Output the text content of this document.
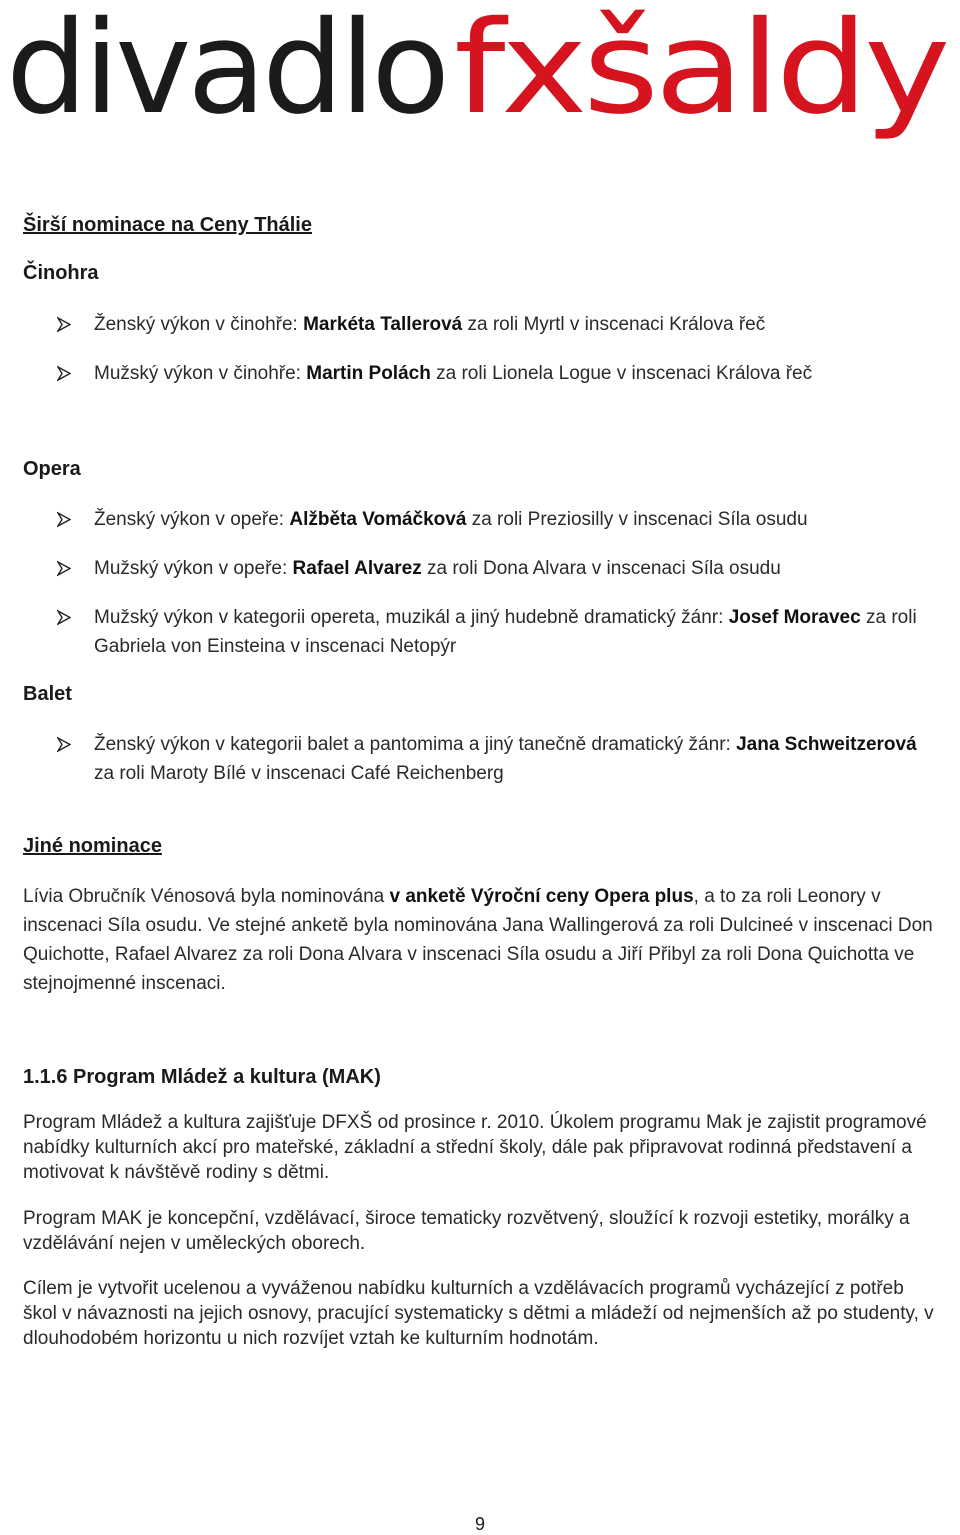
divadlo fxšaldy
Širší nominace na Ceny Thálie
Činohra
Ženský výkon v činohře: Markéta Tallerová za roli Myrtl v inscenaci Králova řeč
Mužský výkon v činohře: Martin Polách za roli Lionela Logue v inscenaci Králova řeč
Opera
Ženský výkon v opeře: Alžběta Vomáčková za roli Preziosilly v inscenaci Síla osudu
Mužský výkon v opeře: Rafael Alvarez za roli Dona Alvara v inscenaci Síla osudu
Mužský výkon v kategorii opereta, muzikál a jiný hudebně dramatický žánr: Josef Moravec za roli Gabriela von Einsteina v inscenaci Netopýr
Balet
Ženský výkon v kategorii balet a pantomima a jiný tanečně dramatický žánr: Jana Schweitzerová za roli Maroty Bílé v inscenaci Café Reichenberg
Jiné nominace
Lívia Obručník Vénosová byla nominována v anketě Výroční ceny Opera plus, a to za roli Leonory v inscenaci Síla osudu. Ve stejné anketě byla nominována Jana Wallingerová za roli Dulcineé v inscenaci Don Quichotte, Rafael Alvarez za roli Dona Alvara v inscenaci Síla osudu a Jiří Přibyl za roli Dona Quichotta ve stejnojmenné inscenaci.
1.1.6 Program Mládež a kultura (MAK)
Program Mládež a kultura zajišťuje DFXŠ od prosince r. 2010. Úkolem programu Mak je zajistit programové nabídky kulturních akcí pro mateřské, základní a střední školy, dále pak připravovat rodinná představení a motivovat k návštěvě rodiny s dětmi.
Program MAK je koncepční, vzdělávací, široce tematicky rozvětvený, sloužící k rozvoji estetiky, morálky a vzdělávání nejen v uměleckých oborech.
Cílem je vytvořit ucelenou a vyváženou nabídku kulturních a vzdělávacích programů vycházející z potřeb škol v návaznosti na jejich osnovy, pracující systematicky s dětmi a mládeží od nejmenších až po studenty, v dlouhodobém horizontu u nich rozvíjet vztah ke kulturním hodnotám.
9
